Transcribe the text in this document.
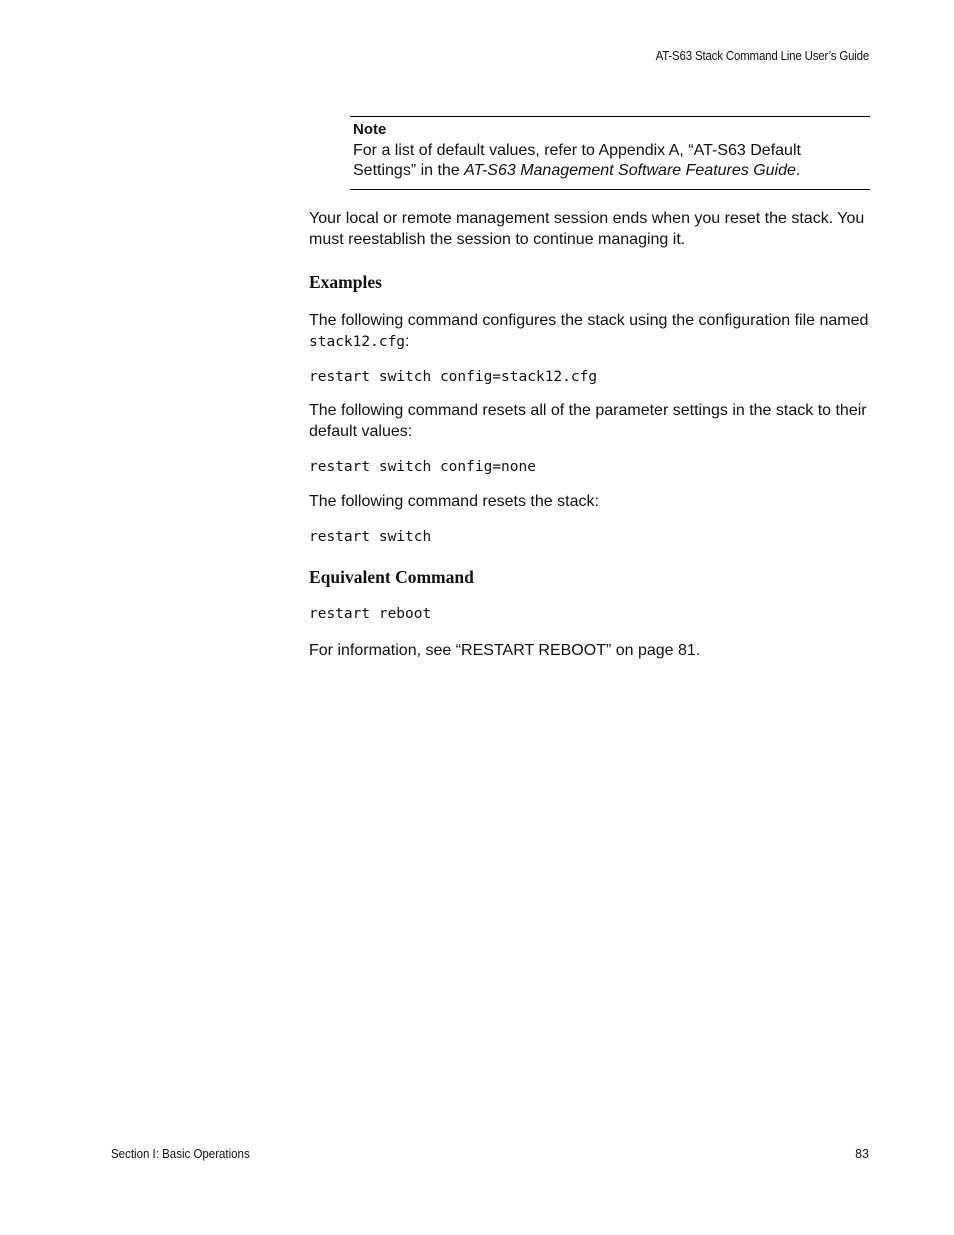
AT-S63 Stack Command Line User’s Guide
Note
For a list of default values, refer to Appendix A, “AT-S63 Default Settings” in the AT-S63 Management Software Features Guide.
Your local or remote management session ends when you reset the stack. You must reestablish the session to continue managing it.
Examples
The following command configures the stack using the configuration file named stack12.cfg:
restart switch config=stack12.cfg
The following command resets all of the parameter settings in the stack to their default values:
restart switch config=none
The following command resets the stack:
restart switch
Equivalent Command
restart reboot
For information, see “RESTART REBOOT” on page 81.
Section I: Basic Operations	83
